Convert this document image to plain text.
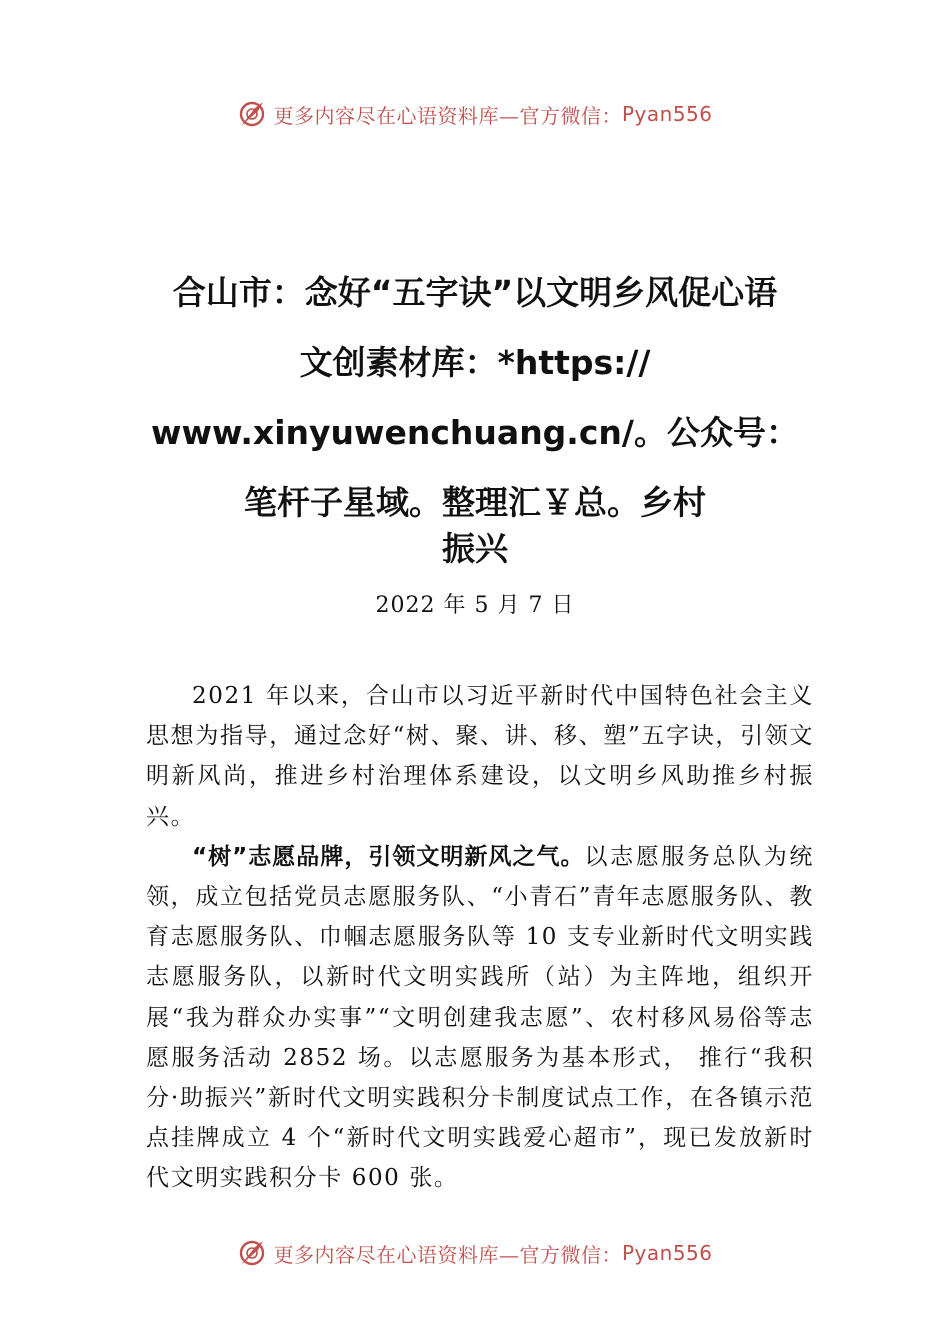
更多内容尽在心语资料库—官方微信： Pyan556
合山市：念好“五字诀”以文明乡风促心语
文创素材库：*https://
www.xinyuwenchuang.cn/。公众号：
笔杆子星域。整理汇￥总。乡村
振兴
2022 年 5 月 7 日

2021 年以来，合山市以习近平新时代中国特色社会主义思想为指导，通过念好“树、聚、讲、移、塑”五字诀，引领文明新风尚，推进乡村治理体系建设，以文明乡风助推乡村振兴。

“树”志愿品牌，引领文明新风之气。以志愿服务总队为统领，成立包括党员志愿服务队、“小青石”青年志愿服务队、教育志愿服务队、巾帼志愿服务队等 10 支专业新时代文明实践志愿服务队，以新时代文明实践所（站）为主阵地，组织开展“我为群众办实事”“文明创建我志愿”、农村移风易俗等志愿服务活动 2852 场。以志愿服务为基本形式， 推行“我积分·助振兴”新时代文明实践积分卡制度试点工作，在各镇示范点挂牌成立 4 个“新时代文明实践爱心超市”，现已发放新时代文明实践积分卡 600 张。

更多内容尽在心语资料库—官方微信： Pyan556
